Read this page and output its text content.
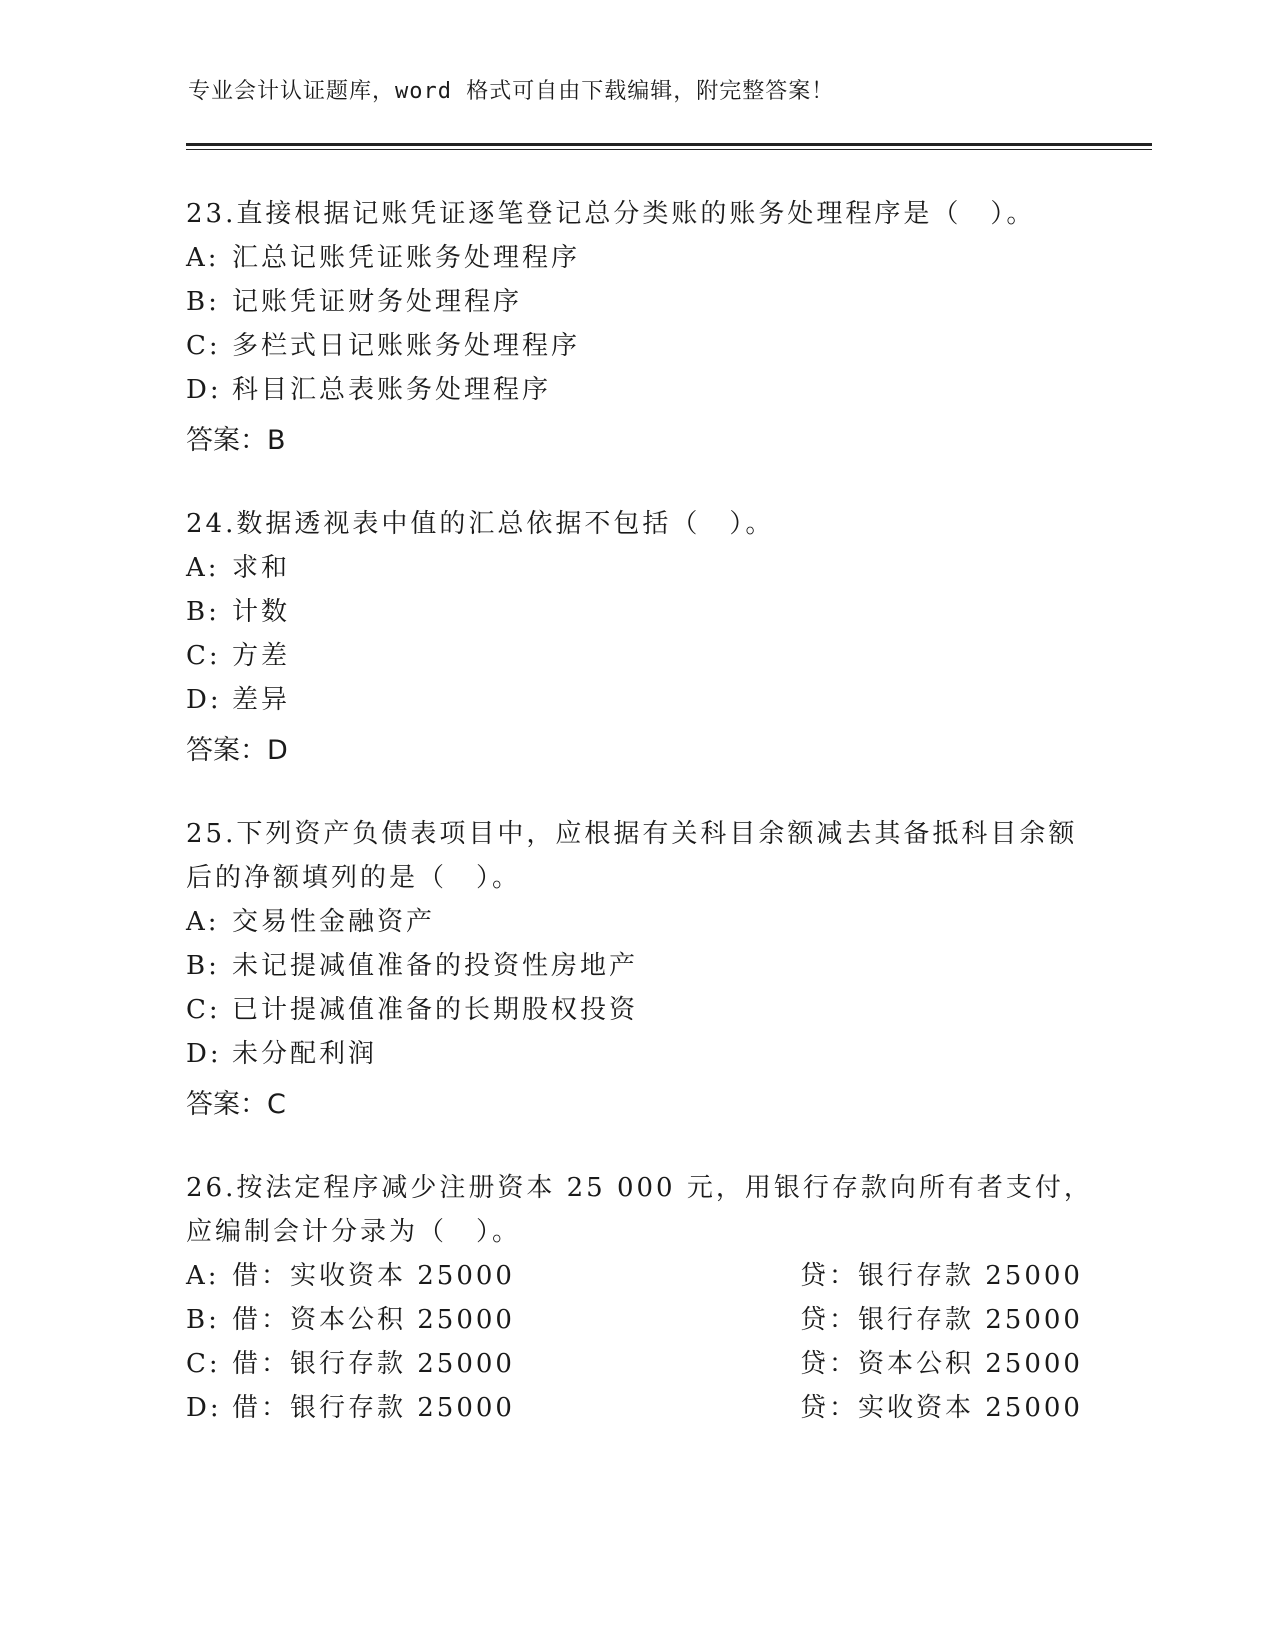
专业会计认证题库，word 格式可自由下载编辑，附完整答案！
23.直接根据记账凭证逐笔登记总分类账的账务处理程序是（　）。
A: 汇总记账凭证账务处理程序
B: 记账凭证财务处理程序
C: 多栏式日记账账务处理程序
D: 科目汇总表账务处理程序
答案：B
24.数据透视表中值的汇总依据不包括（　）。
A: 求和
B: 计数
C: 方差
D: 差异
答案：D
25.下列资产负债表项目中，应根据有关科目余额减去其备抵科目余额
后的净额填列的是（　）。
A: 交易性金融资产
B: 未记提减值准备的投资性房地产
C: 已计提减值准备的长期股权投资
D: 未分配利润
答案：C
26.按法定程序减少注册资本 25 000 元，用银行存款向所有者支付，
应编制会计分录为（　）。
A: 借：实收资本 25000	贷：银行存款 25000
B: 借：资本公积 25000	贷：银行存款 25000
C: 借：银行存款 25000	贷：资本公积 25000
D: 借：银行存款 25000	贷：实收资本 25000
